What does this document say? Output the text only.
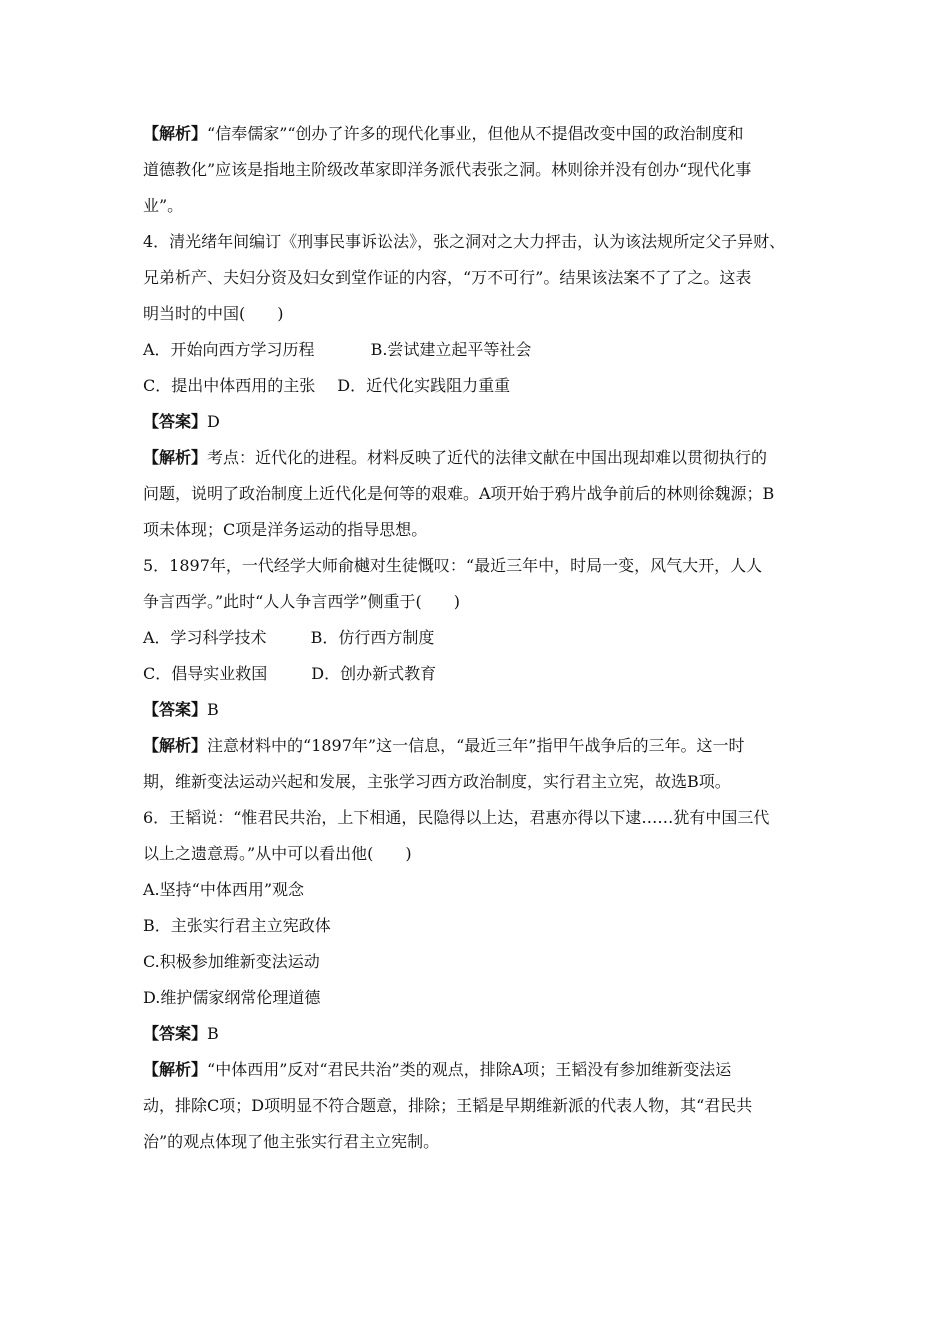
【解析】“信奉儒家”“创办了许多的现代化事业，但他从不提倡改变中国的政治制度和
道德教化”应该是指地主阶级改革家即洋务派代表张之洞。林则徐并没有创办“现代化事
业”。
4．清光绪年间编订《刑事民事诉讼法》，张之洞对之大力抨击，认为该法规所定父子异财、
兄弟析产、夫妇分资及妇女到堂作证的内容，“万不可行”。结果该法案不了了之。这表
明当时的中国(　　)
A．开始向西方学习历程	B.尝试建立起平等社会
C．提出中体西用的主张 D．近代化实践阻力重重
【答案】D
【解析】考点：近代化的进程。材料反映了近代的法律文献在中国出现却难以贯彻执行的
问题，说明了政治制度上近代化是何等的艰难。A项开始于鸦片战争前后的林则徐魏源；B
项未体现；C项是洋务运动的指导思想。
5．1897年，一代经学大师俞樾对生徒慨叹：“最近三年中，时局一变，风气大开，人人
争言西学。”此时“人人争言西学”侧重于(　　)
A．学习科学技术	B．仿行西方制度
C．倡导实业救国	D．创办新式教育
【答案】B
【解析】注意材料中的“1897年”这一信息，“最近三年”指甲午战争后的三年。这一时
期，维新变法运动兴起和发展，主张学习西方政治制度，实行君主立宪，故选B项。
6．王韬说：“惟君民共治，上下相通，民隐得以上达，君惠亦得以下逮……犹有中国三代
以上之遗意焉。”从中可以看出他(　　)
A.坚持“中体西用”观念
B．主张实行君主立宪政体
C.积极参加维新变法运动
D.维护儒家纲常伦理道德
【答案】B
【解析】“中体西用”反对“君民共治”类的观点，排除A项；王韬没有参加维新变法运
动，排除C项；D项明显不符合题意，排除；王韬是早期维新派的代表人物，其“君民共
治”的观点体现了他主张实行君主立宪制。
